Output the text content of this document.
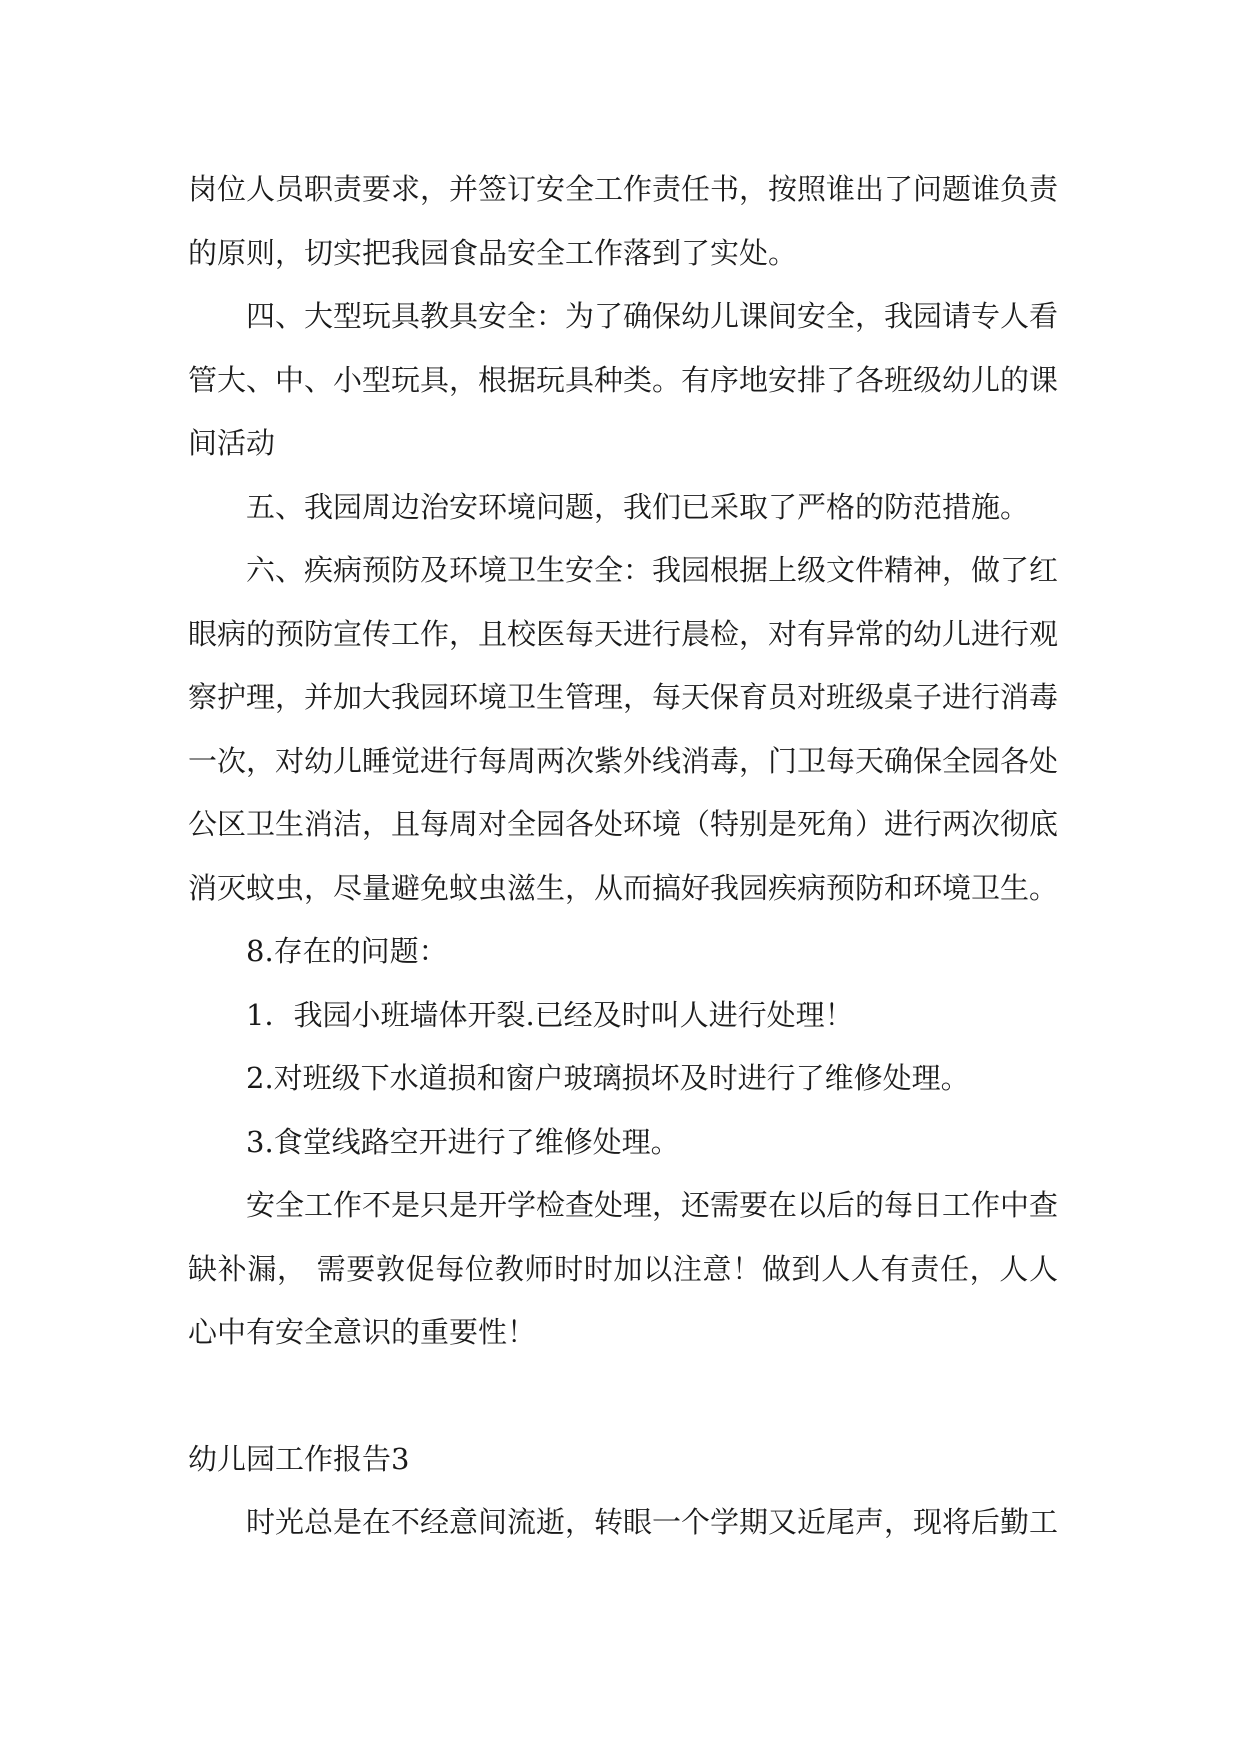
岗位人员职责要求，并签订安全工作责任书，按照谁出了问题谁负责的原则，切实把我园食品安全工作落到了实处。

四、大型玩具教具安全：为了确保幼儿课间安全，我园请专人看管大、中、小型玩具，根据玩具种类。有序地安排了各班级幼儿的课间活动

五、我园周边治安环境问题，我们已采取了严格的防范措施。

六、疾病预防及环境卫生安全：我园根据上级文件精神，做了红眼病的预防宣传工作，且校医每天进行晨检，对有异常的幼儿进行观察护理，并加大我园环境卫生管理，每天保育员对班级桌子进行消毒一次，对幼儿睡觉进行每周两次紫外线消毒，门卫每天确保全园各处公区卫生消洁，且每周对全园各处环境（特别是死角）进行两次彻底消灭蚊虫，尽量避免蚊虫滋生，从而搞好我园疾病预防和环境卫生。

8.存在的问题：

1．我园小班墙体开裂.已经及时叫人进行处理！

2.对班级下水道损和窗户玻璃损坏及时进行了维修处理。

3.食堂线路空开进行了维修处理。

安全工作不是只是开学检查处理，还需要在以后的每日工作中查缺补漏， 需要敦促每位教师时时加以注意！做到人人有责任，人人心中有安全意识的重要性！

幼儿园工作报告3

时光总是在不经意间流逝，转眼一个学期又近尾声，现将后勤工
